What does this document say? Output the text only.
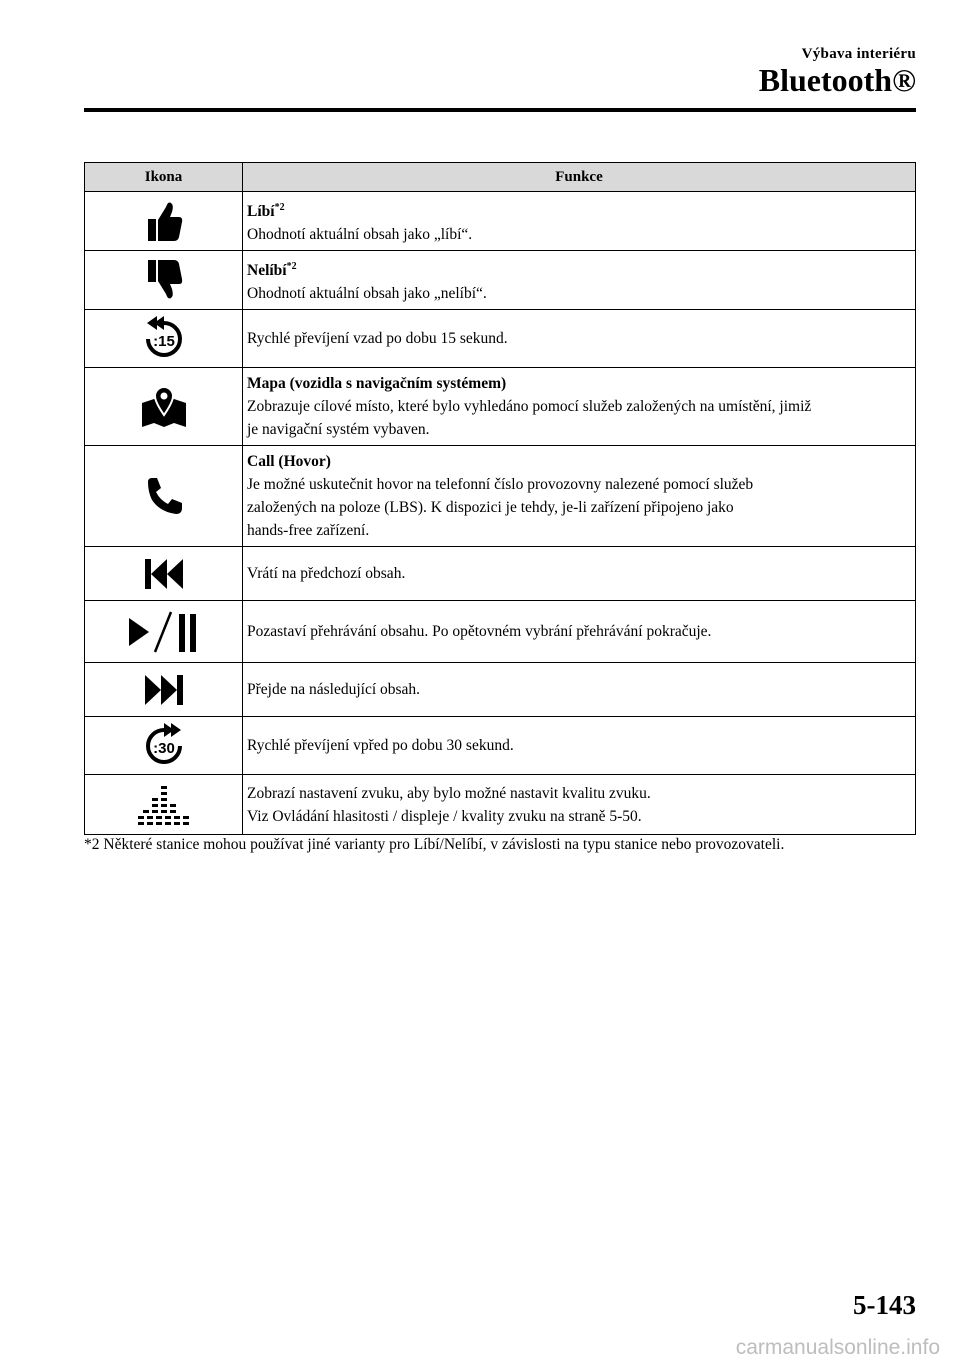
Výbava interiéru
Bluetooth®
Ikona	Funkce

Líbí$^{*2}$
Ohodnotí aktuální obsah jako „líbí“.

Nelíbí$^{*2}$
Ohodnotí aktuální obsah jako „nelíbí“.

:15	Rychlé převíjení vzad po dobu 15 sekund.

Mapa (vozidla s navigačním systémem)
Zobrazuje cílové místo, které bylo vyhledáno pomocí služeb založených na umístění, jimiž
je navigační systém vybaven.

Call (Hovor)
Je možné uskutečnit hovor na telefonní číslo provozovny nalezené pomocí služeb
založených na poloze (LBS). K dispozici je tehdy, je-li zařízení připojeno jako
hands-free zařízení.

Vrátí na předchozí obsah.

Pozastaví přehrávání obsahu. Po opětovném vybrání přehrávání pokračuje.

Přejde na následující obsah.

:30	Rychlé převíjení vpřed po dobu 30 sekund.

Zobrazí nastavení zvuku, aby bylo možné nastavit kvalitu zvuku.
Viz Ovládání hlasitosti / displeje / kvality zvuku na straně 5-50.
*2 Některé stanice mohou používat jiné varianty pro Líbí/Nelíbí, v závislosti na typu stanice nebo provozovateli.
5-143
carmanualsonline.info
